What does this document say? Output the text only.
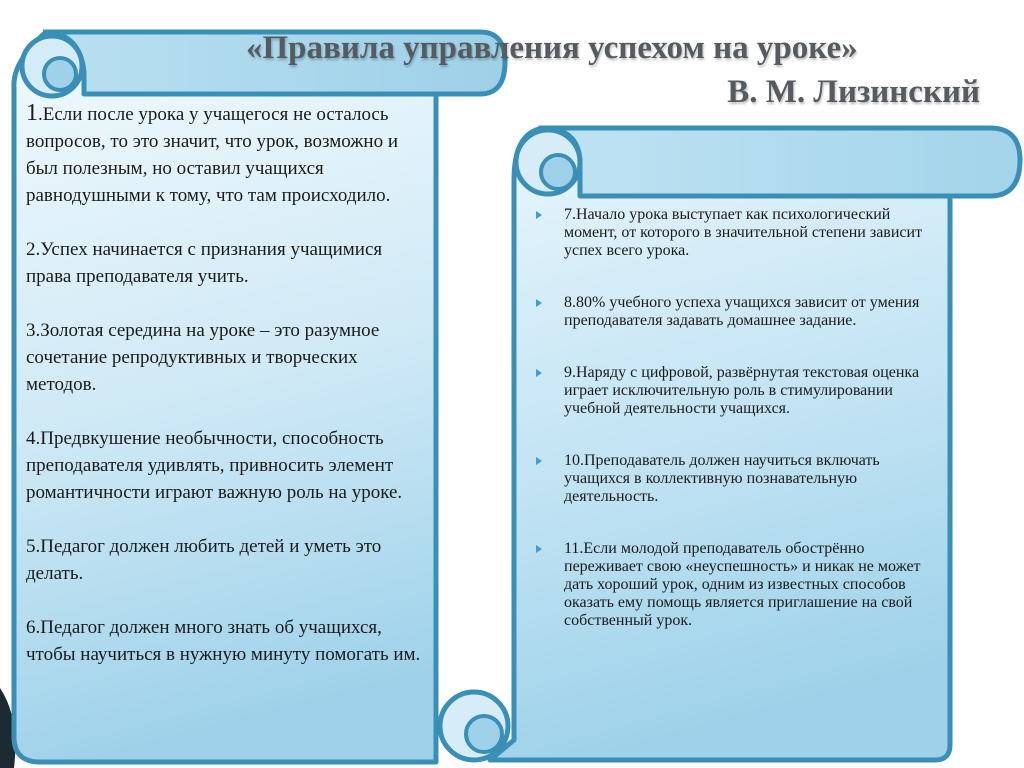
«Правила управления успехом на уроке»
В. М. Лизинский

1.Если после урока у учащегося не осталось вопросов, то это значит, что урок, возможно и был полезным, но оставил учащихся равнодушными к тому, что там происходило.

2.Успех начинается с признания учащимися права преподавателя учить.

3.Золотая середина на уроке – это разумное сочетание репродуктивных и творческих методов.

4.Предвкушение необычности, способность преподавателя удивлять, привносить элемент романтичности играют важную роль на уроке.

5.Педагог должен любить детей и уметь это делать.

6.Педагог должен много знать об учащихся, чтобы научиться в нужную минуту помогать им.

7.Начало урока выступает как психологический момент, от которого в значительной степени зависит успех всего урока.
8.80% учебного успеха учащихся зависит от умения преподавателя задавать домашнее задание.
9.Наряду с цифровой, развёрнутая текстовая оценка играет исключительную роль в стимулировании учебной деятельности учащихся.
10.Преподаватель должен научиться включать учащихся в коллективную познавательную деятельность.
11.Если молодой преподаватель обострённо переживает свою «неуспешность» и никак не может дать хороший урок, одним из известных способов оказать ему помощь является приглашение на свой собственный урок.
